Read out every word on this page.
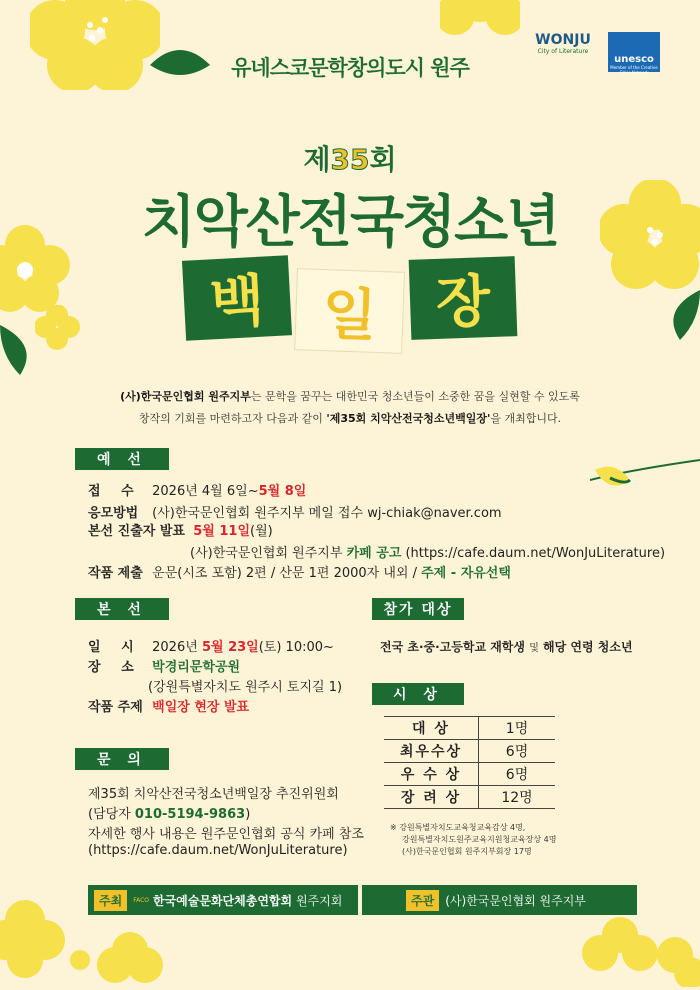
유네스코문학창의도시 원주
WONJU
City of Literature
unesco
Member of the Creative Cities Network
제35회
치악산전국청소년
백 일	장
(사)한국문인협회 원주지부는 문학을 꿈꾸는 대한민국 청소년들이 소중한 꿈을 실현할 수 있도록
창작의 기회를 마련하고자 다음과 같이 '제35회 치악산전국청소년백일장'을 개최합니다.
예 선
접 수 2026년 4월 6일~5월 8일
응모방법 (사)한국문인협회 원주지부 메일 접수 wj-chiak@naver.com
본선 진출자 발표 5월 11일(월)
(사)한국문인협회 원주지부 카페 공고 (https://cafe.daum.net/WonJuLiterature)
작품 제출 운문(시조 포함) 2편 / 산문 1편 2000자 내외 / 주제 - 자유선택
본 선
일 시 2026년 5월 23일(토) 10:00~
장 소 박경리문학공원
(강원특별자치도 원주시 토지길 1)
작품 주제 백일장 현장 발표
참가 대상
전국 초·중·고등학교 재학생 및 해당 연령 청소년
시 상
대 상	1명
최우수상	6명
우 수 상	6명
장 려 상	12명
※ 강원특별자치도교육청교육감상 4명,
강원특별자치도원주교육지원청교육장상 4명
(사)한국문인협회 원주지부회장 17명
문 의
제35회 치악산전국청소년백일장 추진위원회
(담당자 010-5194-9863)
자세한 행사 내용은 원주문인협회 공식 카페 참조
(https://cafe.daum.net/WonJuLiterature)
주최	FACO 한국예술문화단체총연합회
원주지회	주관 (사)한국문인협회 원주지부
